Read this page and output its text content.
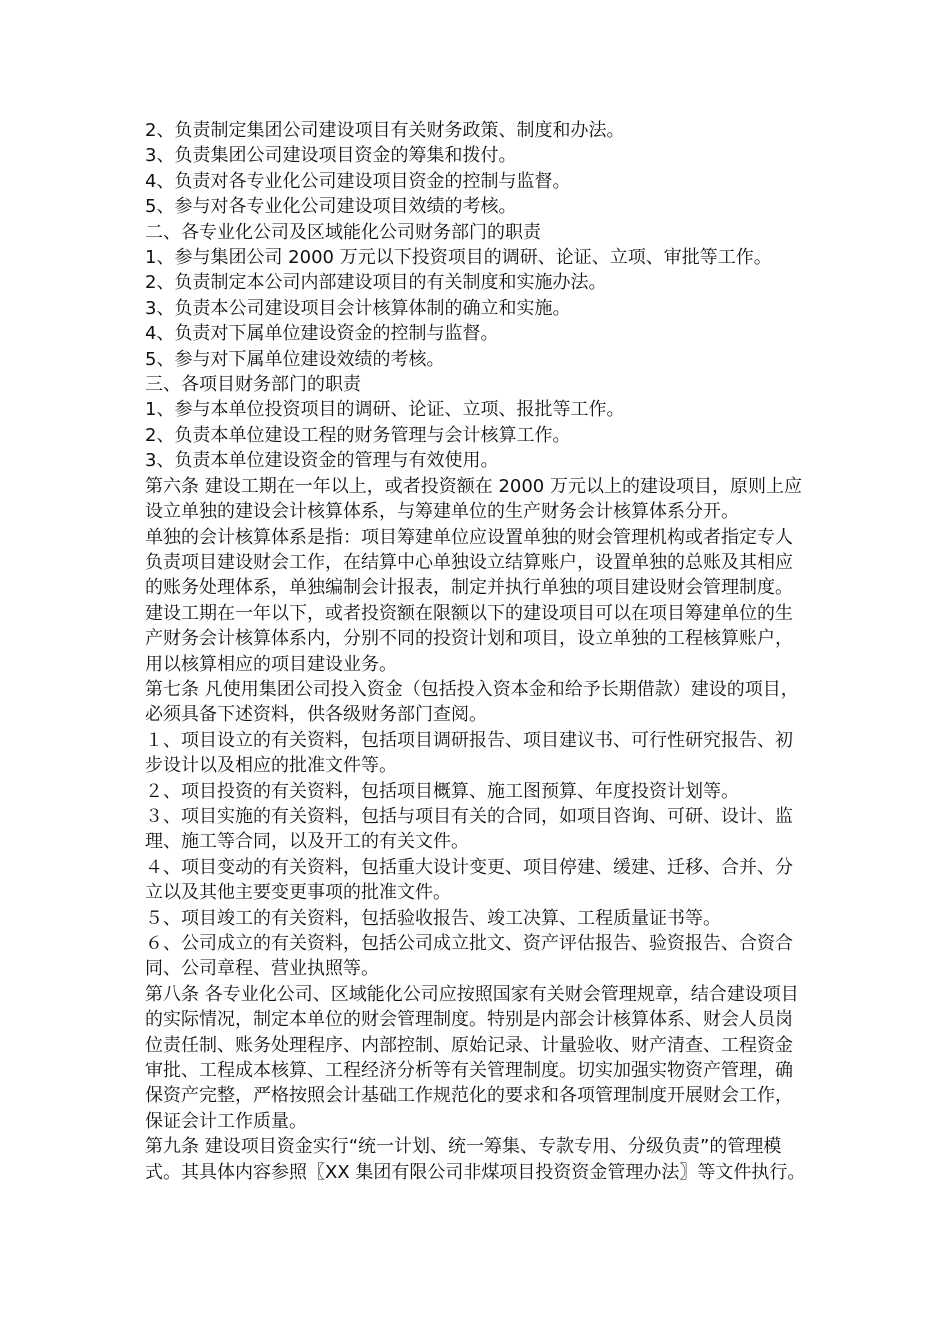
2、负责制定集团公司建设项目有关财务政策、制度和办法。

3、负责集团公司建设项目资金的筹集和拨付。

4、负责对各专业化公司建设项目资金的控制与监督。

5、参与对各专业化公司建设项目效绩的考核。

二、各专业化公司及区域能化公司财务部门的职责

1、参与集团公司 2000 万元以下投资项目的调研、论证、立项、审批等工作。

2、负责制定本公司内部建设项目的有关制度和实施办法。

3、负责本公司建设项目会计核算体制的确立和实施。

4、负责对下属单位建设资金的控制与监督。

5、参与对下属单位建设效绩的考核。

三、各项目财务部门的职责

1、参与本单位投资项目的调研、论证、立项、报批等工作。

2、负责本单位建设工程的财务管理与会计核算工作。

3、负责本单位建设资金的管理与有效使用。

第六条 建设工期在一年以上，或者投资额在 2000 万元以上的建设项目，原则上应设立单独的建设会计核算体系，与筹建单位的生产财务会计核算体系分开。

单独的会计核算体系是指：项目筹建单位应设置单独的财会管理机构或者指定专人负责项目建设财会工作，在结算中心单独设立结算账户，设置单独的总账及其相应的账务处理体系，单独编制会计报表，制定并执行单独的项目建设财会管理制度。

建设工期在一年以下，或者投资额在限额以下的建设项目可以在项目筹建单位的生产财务会计核算体系内，分别不同的投资计划和项目，设立单独的工程核算账户，用以核算相应的项目建设业务。

第七条 凡使用集团公司投入资金（包括投入资本金和给予长期借款）建设的项目，必须具备下述资料，供各级财务部门查阅。

１、项目设立的有关资料，包括项目调研报告、项目建议书、可行性研究报告、初步设计以及相应的批准文件等。

２、项目投资的有关资料，包括项目概算、施工图预算、年度投资计划等。

３、项目实施的有关资料，包括与项目有关的合同，如项目咨询、可研、设计、监理、施工等合同，以及开工的有关文件。

４、项目变动的有关资料，包括重大设计变更、项目停建、缓建、迁移、合并、分立以及其他主要变更事项的批准文件。

５、项目竣工的有关资料，包括验收报告、竣工决算、工程质量证书等。

６、公司成立的有关资料，包括公司成立批文、资产评估报告、验资报告、合资合同、公司章程、营业执照等。

第八条 各专业化公司、区域能化公司应按照国家有关财会管理规章，结合建设项目的实际情况，制定本单位的财会管理制度。特别是内部会计核算体系、财会人员岗位责任制、账务处理程序、内部控制、原始记录、计量验收、财产清查、工程资金审批、工程成本核算、工程经济分析等有关管理制度。切实加强实物资产管理，确保资产完整，严格按照会计基础工作规范化的要求和各项管理制度开展财会工作，保证会计工作质量。

第九条 建设项目资金实行“统一计划、统一筹集、专款专用、分级负责”的管理模式。其具体内容参照〖XX 集团有限公司非煤项目投资资金管理办法〗等文件执行。
